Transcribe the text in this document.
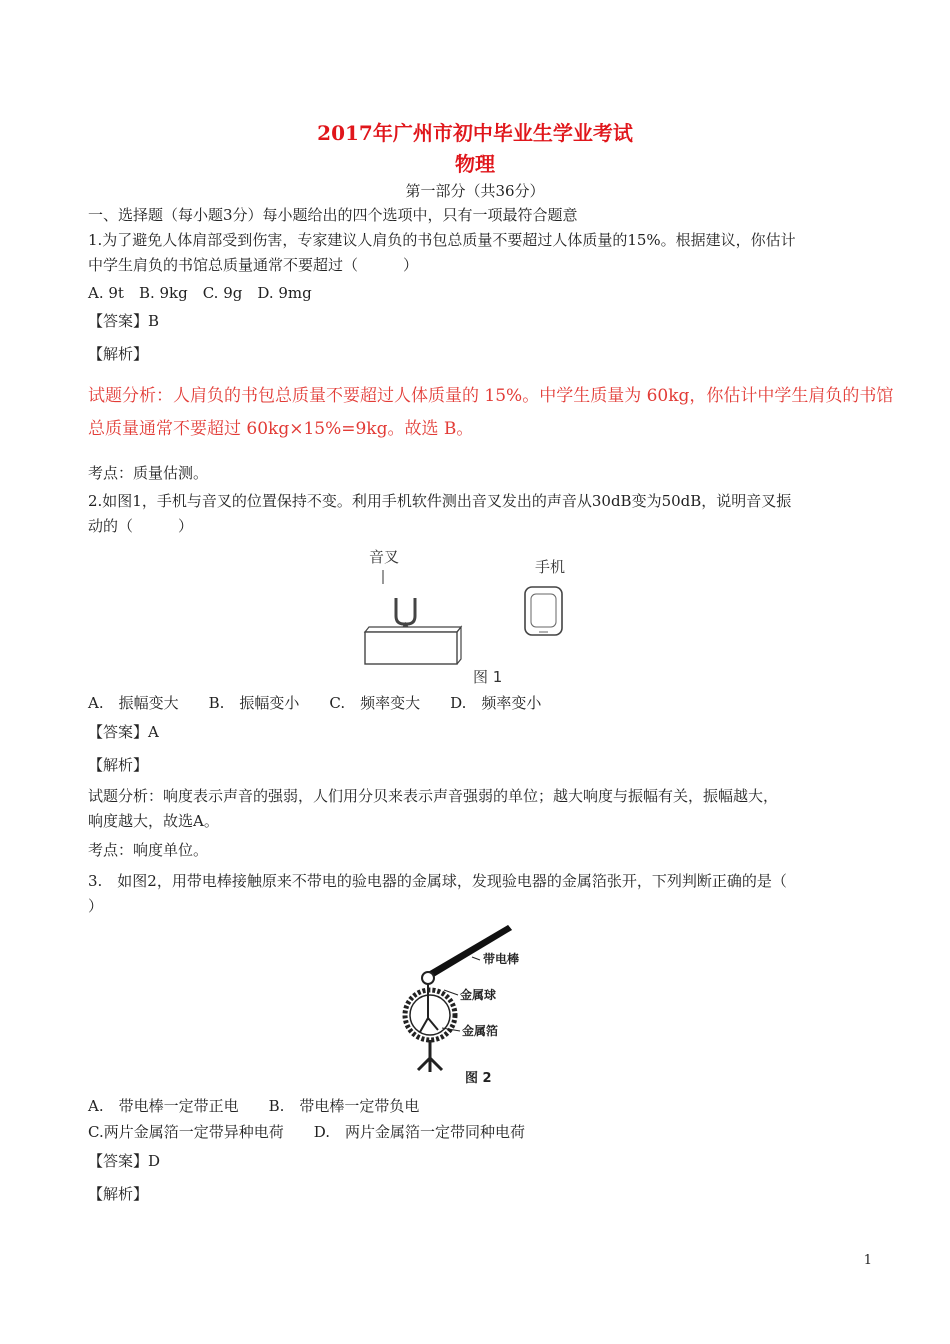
2017年广州市初中毕业生学业考试
物理
第一部分（共36分）
一、选择题（每小题3分）每小题给出的四个选项中，只有一项最符合题意
1.为了避免人体肩部受到伤害，专家建议人肩负的书包总质量不要超过人体质量的15%。根据建议，你估计
中学生肩负的书馆总质量通常不要超过（　　　）
A. 9t　B. 9kg　C. 9g　D. 9mg
【答案】B
【解析】
试题分析：人肩负的书包总质量不要超过人体质量的 15%。中学生质量为 60kg，你估计中学生肩负的书馆
总质量通常不要超过 60kg×15%=9kg。故选 B。
考点：质量估测。
2.如图1，手机与音叉的位置保持不变。利用手机软件测出音叉发出的声音从30dB变为50dB，说明音叉振
动的（　　　）
音叉
手机
图 1
A.　振幅变大　　B.　振幅变小　　C.　频率变大　　D.　频率变小
【答案】A
【解析】
试题分析：响度表示声音的强弱，人们用分贝来表示声音强弱的单位；越大响度与振幅有关，振幅越大，
响度越大，故选A。
考点：响度单位。
3.　如图2，用带电棒接触原来不带电的验电器的金属球，发现验电器的金属箔张开，下列判断正确的是（
）
带电棒
金属球
金属箔
图 2
A.　带电棒一定带正电　　B.　带电棒一定带负电
C.两片金属箔一定带异种电荷　　D.　两片金属箔一定带同种电荷
【答案】D
【解析】
1
